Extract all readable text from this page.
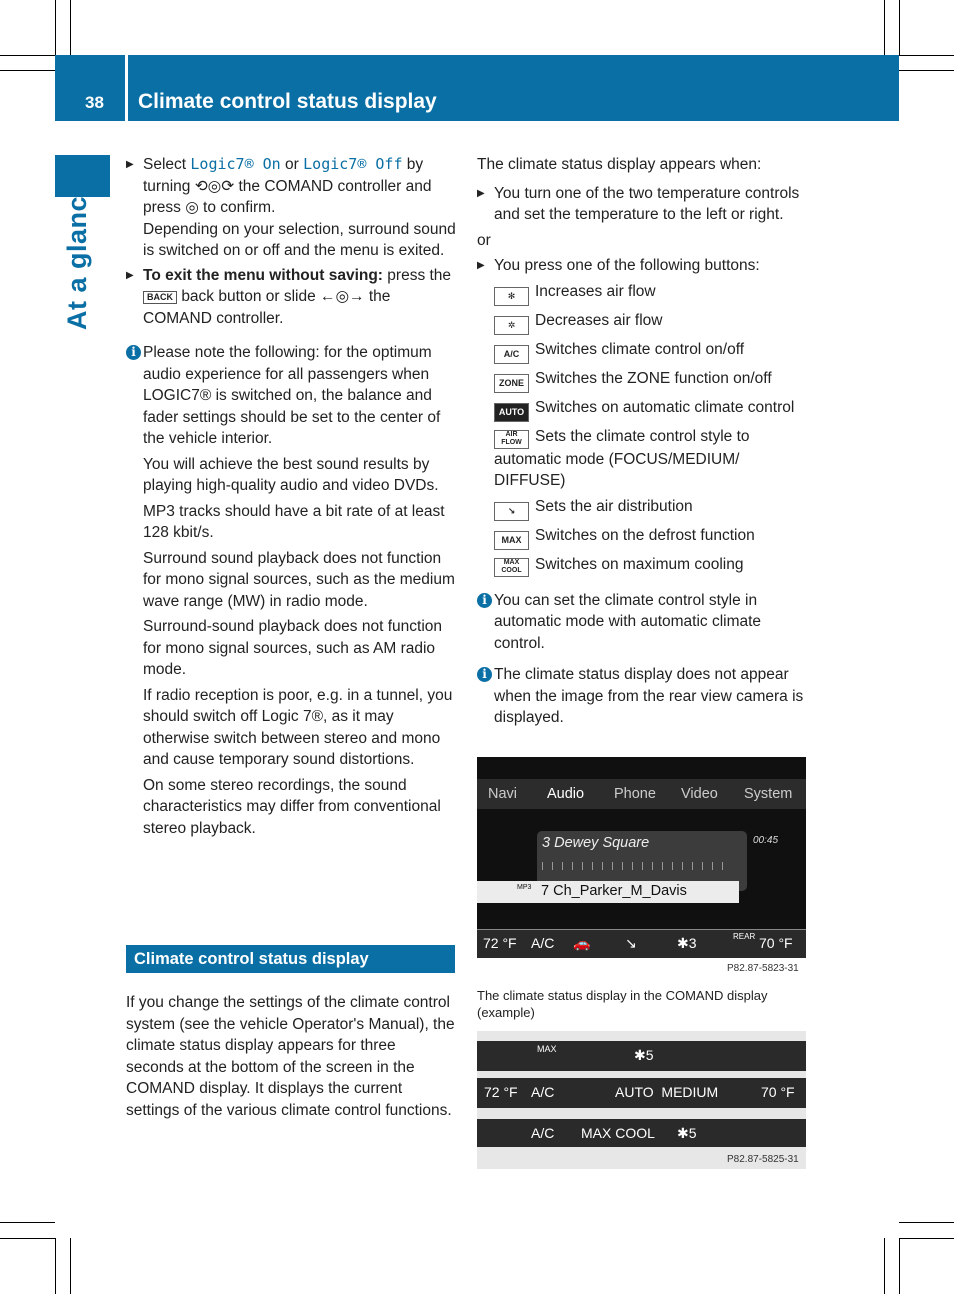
38 Climate control status display
At a glance

▶ Select Logic7® On or Logic7® Off by
turning ⟲◎⟳ the COMAND controller and
press ◎ to confirm.

Depending on your selection, surround sound is switched on or off and the menu is exited.

▶ To exit the menu without saving: press the BACK back button or slide ←◎→ the COMAND controller.

i Please note the following: for the optimum audio experience for all passengers when LOGIC7® is switched on, the balance and fader settings should be set to the center of the vehicle interior.

You will achieve the best sound results by playing high-quality audio and video DVDs.

MP3 tracks should have a bit rate of at least 128 kbit/s.

Surround sound playback does not function for mono signal sources, such as the medium wave range (MW) in radio mode.

Surround-sound playback does not function for mono signal sources, such as AM radio mode.

If radio reception is poor, e.g. in a tunnel, you should switch off Logic 7®, as it may otherwise switch between stereo and mono and cause temporary sound distortions.

On some stereo recordings, the sound characteristics may differ from conventional stereo playback.

Climate control status display

If you change the settings of the climate control system (see the vehicle Operator's Manual), the climate status display appears for three seconds at the bottom of the screen in the COMAND display. It displays the current settings of the various climate control functions.

The climate status display appears when:

▶ You turn one of the two temperature controls and set the temperature to the left or right.

or

▶ You press one of the following buttons:

✻ Increases air flow

✲ Decreases air flow

A/C Switches climate control on/off

ZONE Switches the ZONE function on/off

AUTO Switches on automatic climate control

AIR FLOW Sets the climate control style to automatic mode (FOCUS/MEDIUM/ DIFFUSE)

↘ Sets the air distribution

MAX Switches on the defrost function

MAX COOL Switches on maximum cooling

i You can set the climate control style in automatic mode with automatic climate control.

i The climate status display does not appear when the image from the rear view camera is displayed.

Navi Audio Phone Video System
3 Dewey Square	00:45
MP3 7 Ch_Parker_M_Davis
72 °F A/C 🚗 ↘	✱3	REAR 70 °F
P82.87-5823-31
The climate status display in the COMAND display (example)
MAX	✱5
72 °F A/C	AUTO  MEDIUM	70 °F
A/C MAX COOL ✱5
P82.87-5825-31
